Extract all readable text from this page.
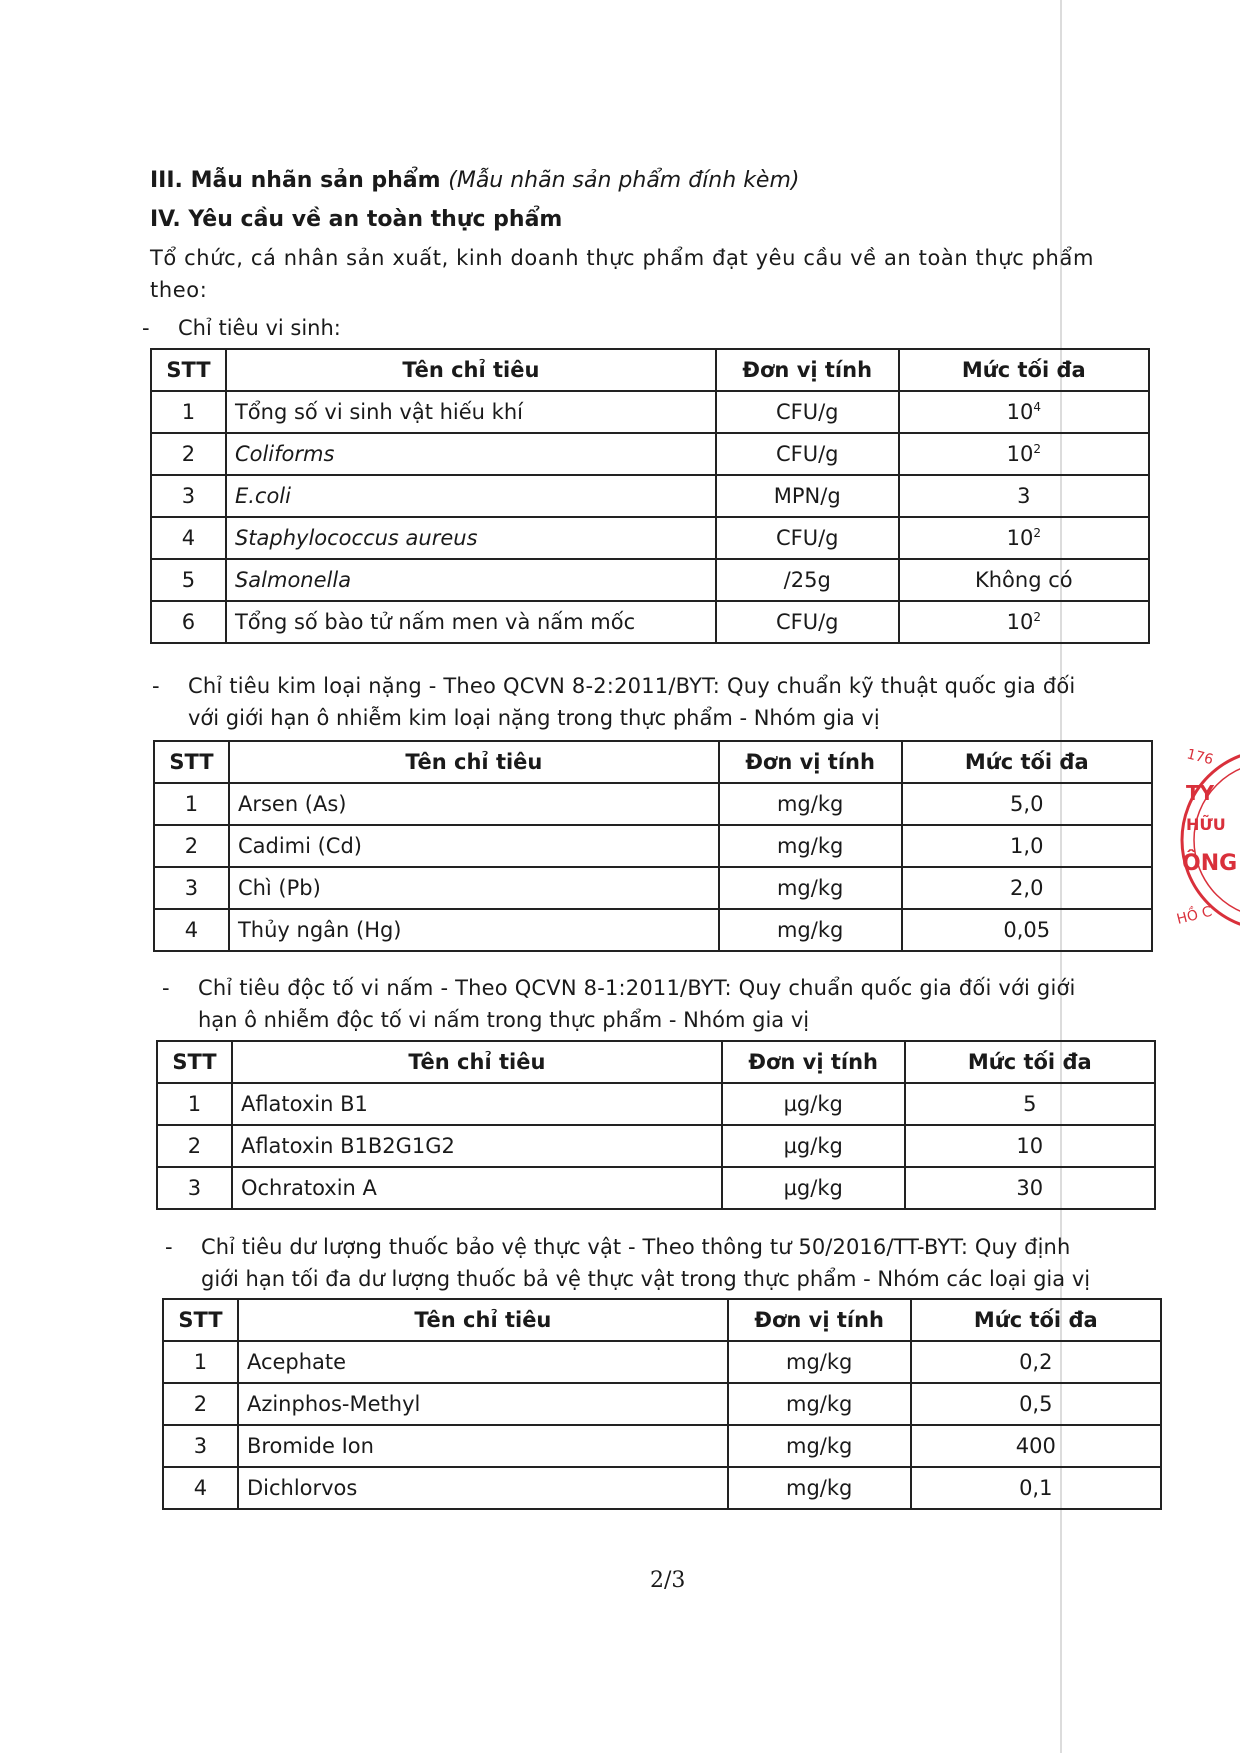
III. Mẫu nhãn sản phẩm (Mẫu nhãn sản phẩm đính kèm)
IV. Yêu cầu về an toàn thực phẩm
Tổ chức, cá nhân sản xuất, kinh doanh thực phẩm đạt yêu cầu về an toàn thực phẩm
theo:
- Chỉ tiêu vi sinh:
STT	Tên chỉ tiêu	Đơn vị tính	Mức tối đa
1	Tổng số vi sinh vật hiếu khí	CFU/g	$10^4$
2	Coliforms	CFU/g	$10^2$
3	E.coli	MPN/g	3
4	Staphylococcus aureus	CFU/g	$10^2$
5	Salmonella	/25g	Không có
6	Tổng số bào tử nấm men và nấm mốc	CFU/g	$10^2$
- Chỉ tiêu kim loại nặng - Theo QCVN 8-2:2011/BYT: Quy chuẩn kỹ thuật quốc gia đối
với giới hạn ô nhiễm kim loại nặng trong thực phẩm - Nhóm gia vị
STT	Tên chỉ tiêu	Đơn vị tính	Mức tối đa
1	Arsen (As)	mg/kg	5,0
2	Cadimi (Cd)	mg/kg	1,0
3	Chì (Pb)	mg/kg	2,0
4	Thủy ngân (Hg)	mg/kg	0,05
- Chỉ tiêu độc tố vi nấm - Theo QCVN 8-1:2011/BYT: Quy chuẩn quốc gia đối với giới
hạn ô nhiễm độc tố vi nấm trong thực phẩm - Nhóm gia vị
STT	Tên chỉ tiêu	Đơn vị tính	Mức tối đa
1	Aflatoxin B1	µg/kg	5
2	Aflatoxin B1B2G1G2	µg/kg	10
3	Ochratoxin A	µg/kg	30
- Chỉ tiêu dư lượng thuốc bảo vệ thực vật - Theo thông tư 50/2016/TT-BYT: Quy định
giới hạn tối đa dư lượng thuốc bả vệ thực vật trong thực phẩm - Nhóm các loại gia vị
STT	Tên chỉ tiêu	Đơn vị tính	Mức tối đa
1	Acephate	mg/kg	0,2
2	Azinphos-Methyl	mg/kg	0,5
3	Bromide Ion	mg/kg	400
4	Dichlorvos	mg/kg	0,1
176
TY
HỮU
ÔNG
HỒ C
2/3
